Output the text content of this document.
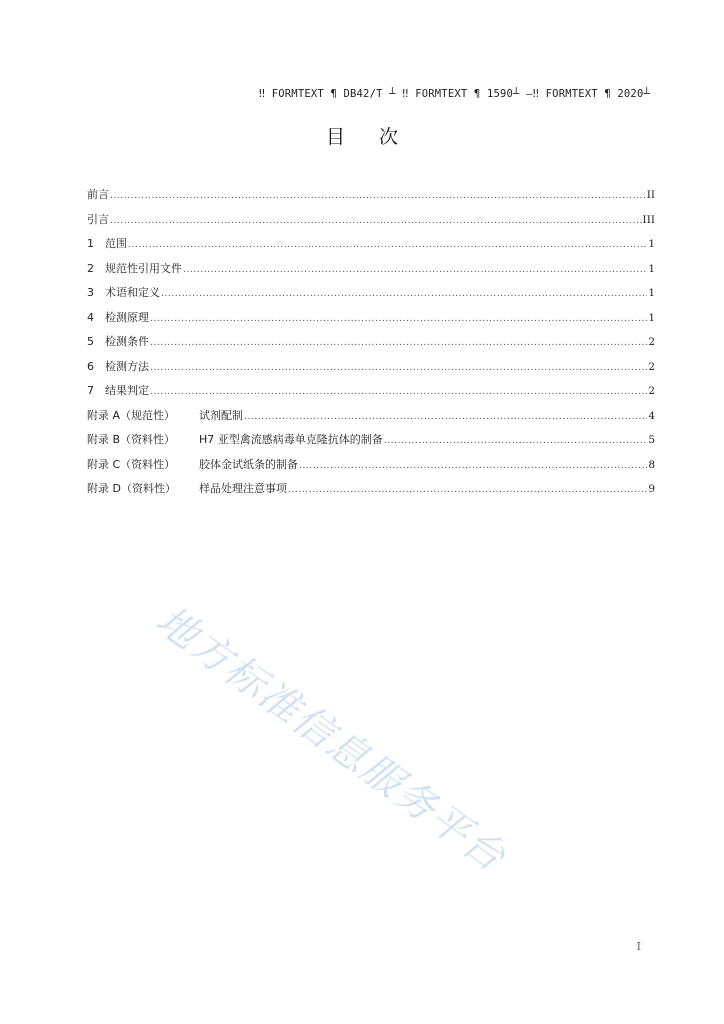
‼ FORMTEXT ¶ DB42/T ┴ ‼ FORMTEXT ¶ 1590┴ —‼ FORMTEXT ¶ 2020┴
目次
前言 .....	II
引言 .....	III
1	范围 .....	1
2	规范性引用文件 .....	1
3	术语和定义 .....	1
4	检测原理 .....	1
5	检测条件 .....	2
6	检测方法 .....	2
7	结果判定 .....	2
附录 A（规范性）	试剂配制 .....	4
附录 B（资料性）	H7 亚型禽流感病毒单克隆抗体的制备 .....	5
附录 C（资料性）	胶体金试纸条的制备 .....	8
附录 D（资料性）	样品处理注意事项 .....	9
地方标准信息服务平台
I
